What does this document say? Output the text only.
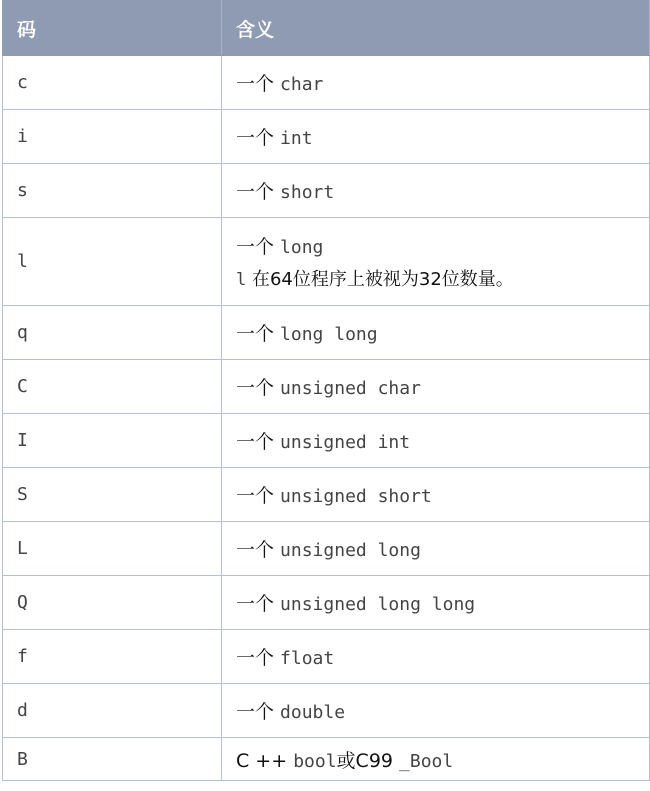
码	含义
c	一个 char
i	一个 int
s	一个 short
l	一个 long
l 在64位程序上被视为32位数量。

q	一个 long long
C	一个 unsigned char
I	一个 unsigned int
S	一个 unsigned short
L	一个 unsigned long
Q	一个 unsigned long long
f	一个 float
d	一个 double
B	C ++ bool或C99 _Bool
